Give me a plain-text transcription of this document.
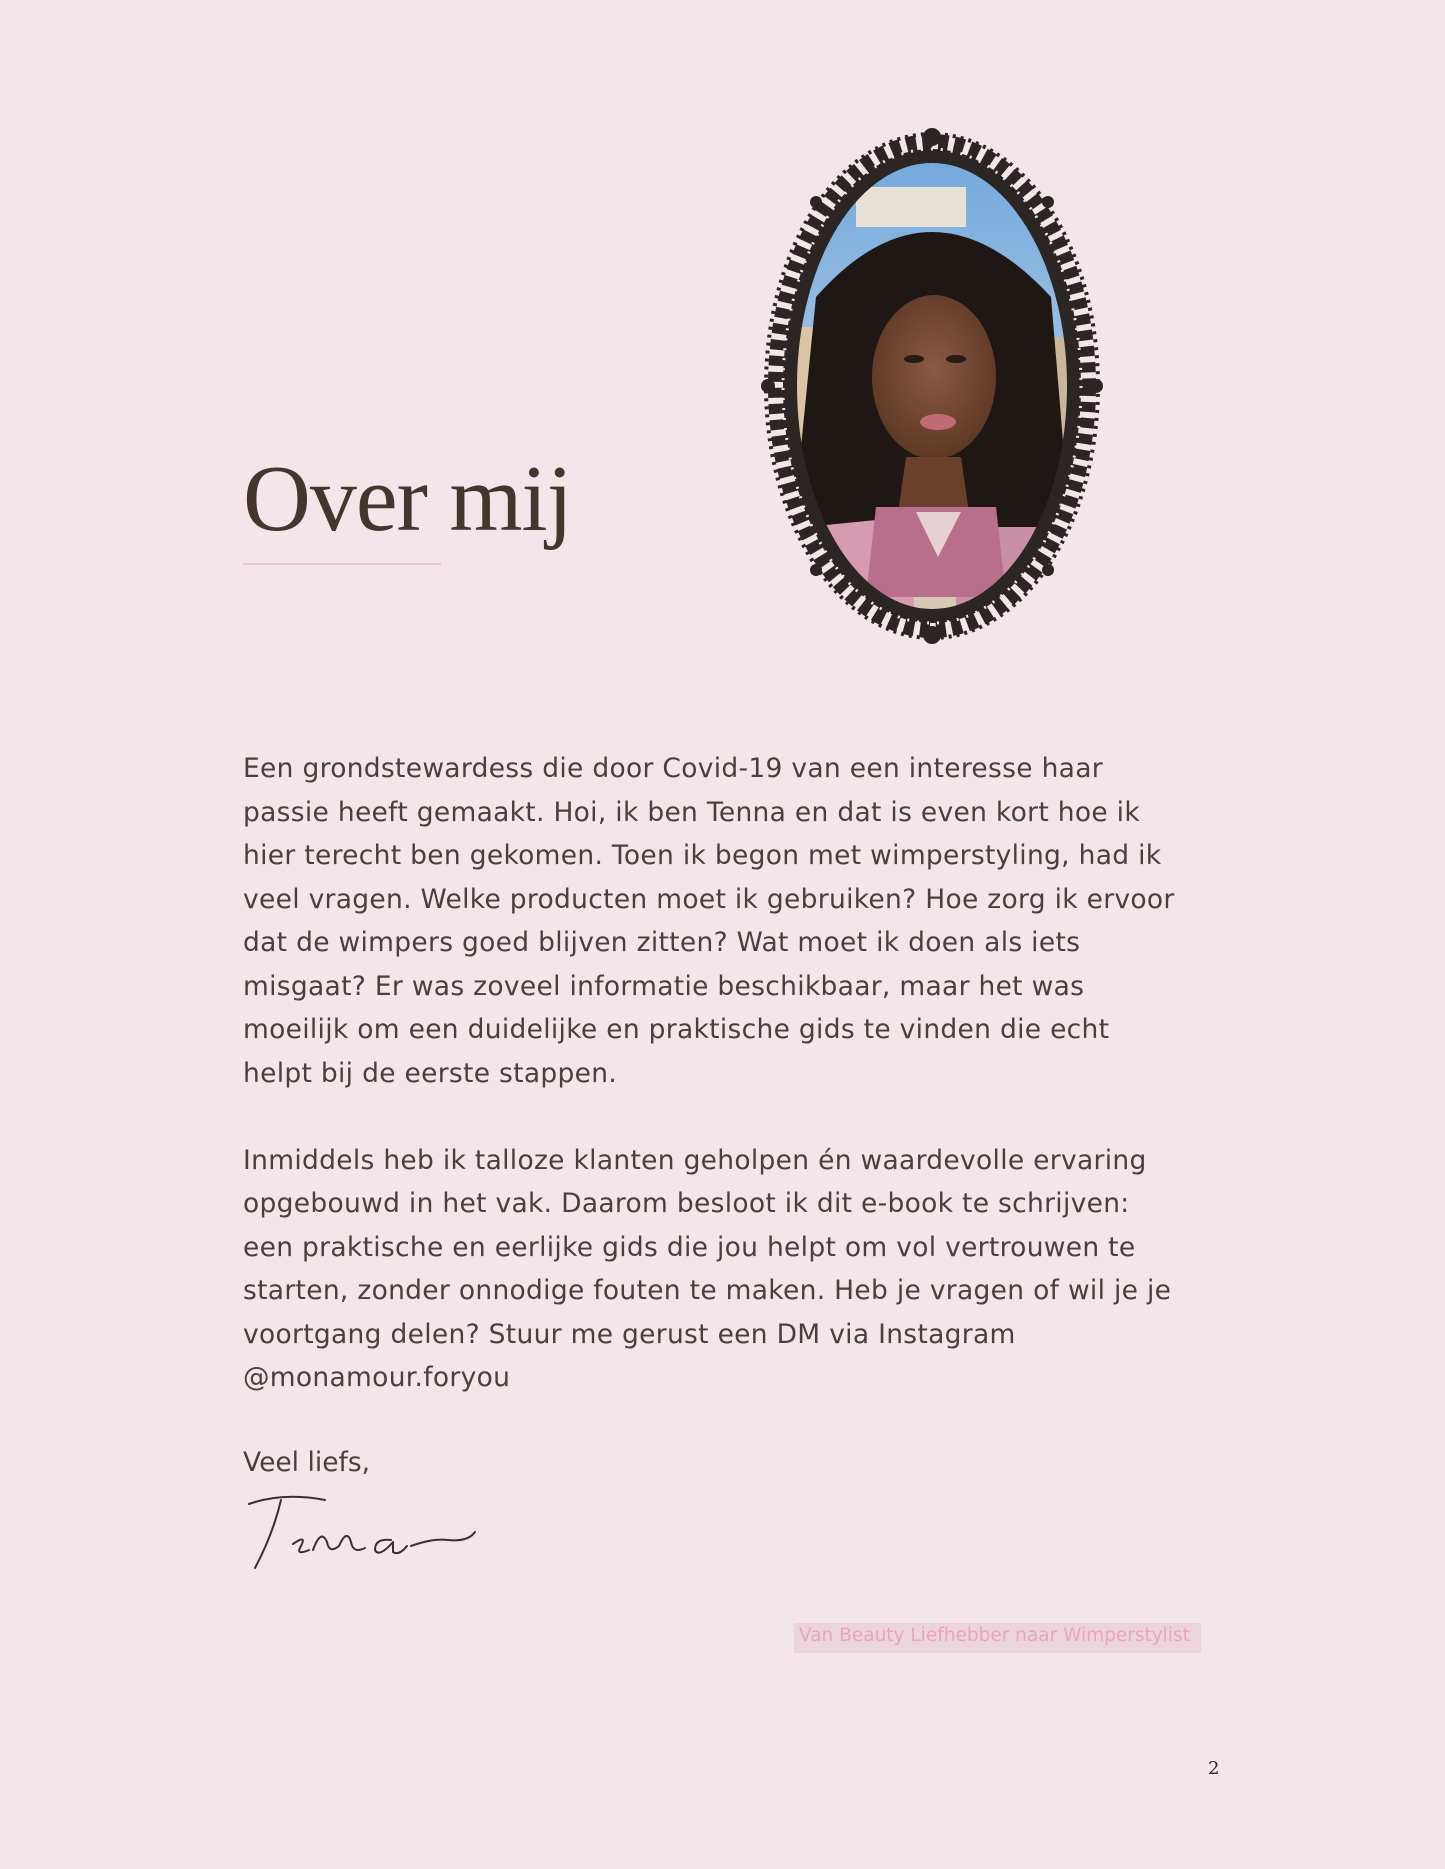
Over mij

Een grondstewardess die door Covid-19 van een interesse haar passie heeft gemaakt. Hoi, ik ben Tenna en dat is even kort hoe ik hier terecht ben gekomen. Toen ik begon met wimperstyling, had ik veel vragen. Welke producten moet ik gebruiken? Hoe zorg ik ervoor dat de wimpers goed blijven zitten? Wat moet ik doen als iets misgaat? Er was zoveel informatie beschikbaar, maar het was moeilijk om een duidelijke en praktische gids te vinden die echt helpt bij de eerste stappen.

Inmiddels heb ik talloze klanten geholpen én waardevolle ervaring opgebouwd in het vak. Daarom besloot ik dit e-book te schrijven: een praktische en eerlijke gids die jou helpt om vol vertrouwen te starten, zonder onnodige fouten te maken. Heb je vragen of wil je je voortgang delen? Stuur me gerust een DM via Instagram @monamour.foryou

Veel liefs,
Van Beauty Liefhebber naar Wimperstylist
2
